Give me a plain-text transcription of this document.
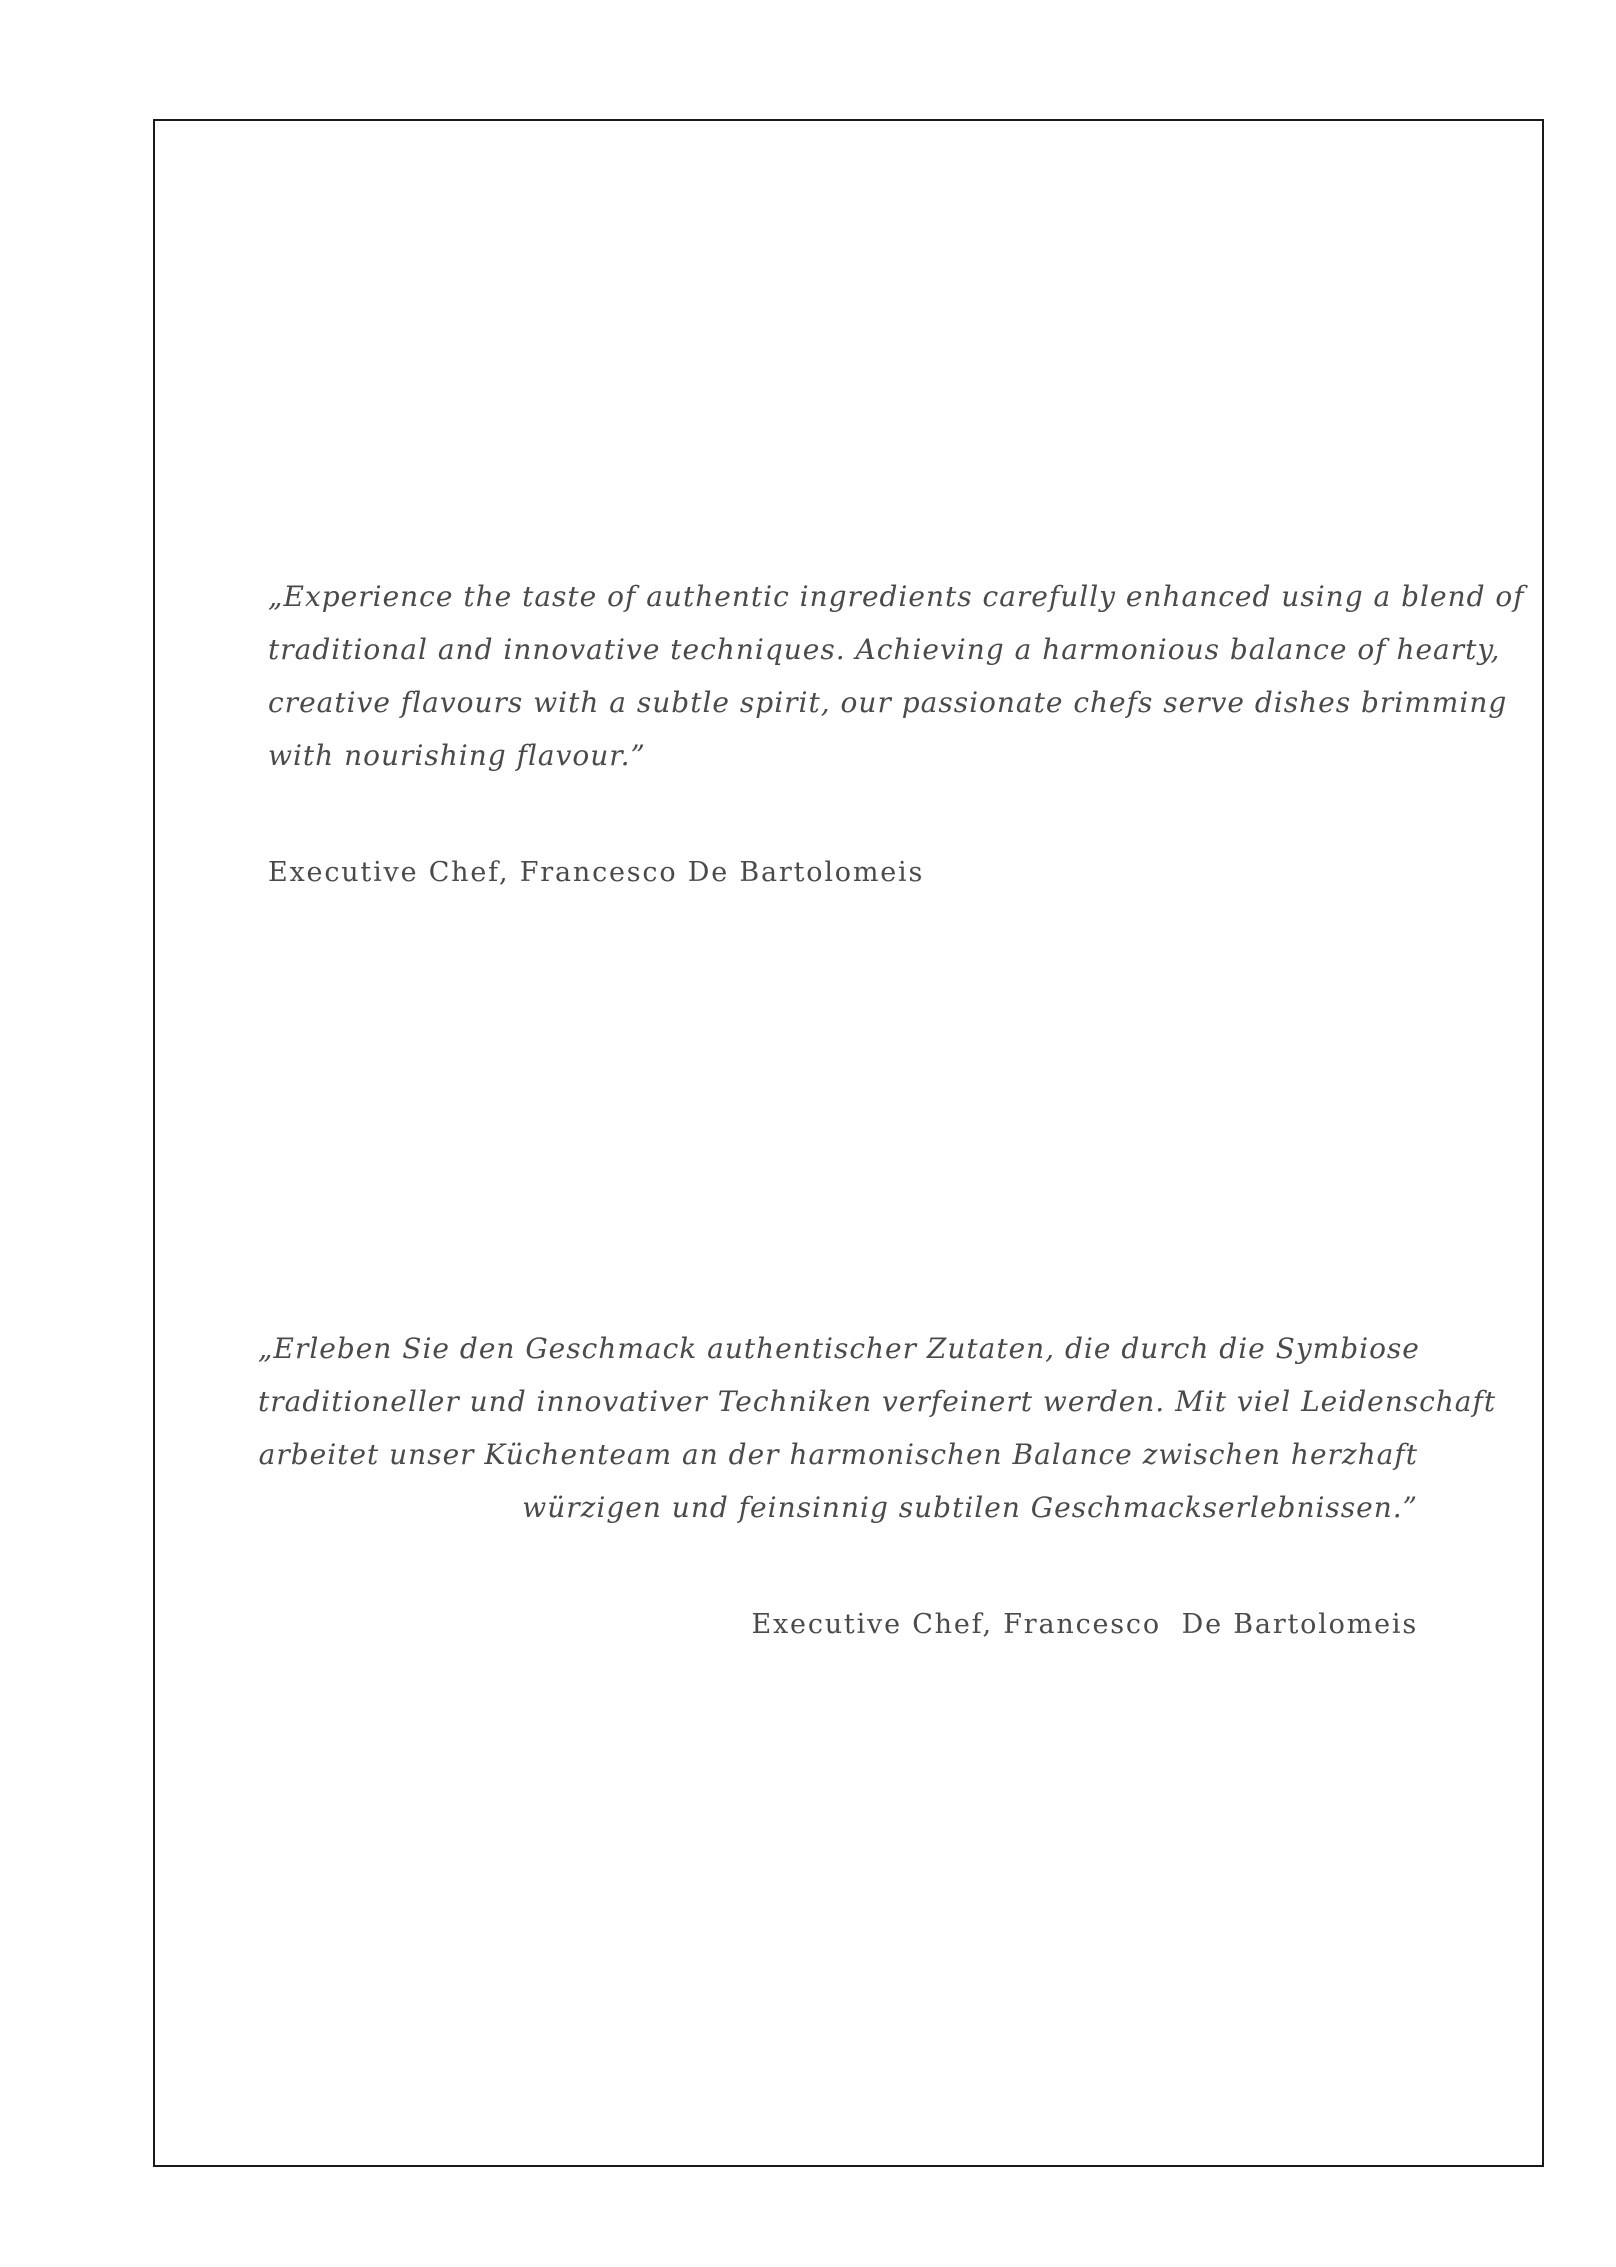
„Experience the taste of authentic ingredients carefully enhanced using a blend of
traditional and innovative techniques. Achieving a harmonious balance of hearty,
creative flavours with a subtle spirit, our passionate chefs serve dishes brimming
with nourishing flavour.”

Executive Chef, Francesco De Bartolomeis

„Erleben Sie den Geschmack authentischer Zutaten, die durch die Symbiose
traditioneller und innovativer Techniken verfeinert werden. Mit viel Leidenschaft
arbeitet unser Küchenteam an der harmonischen Balance zwischen herzhaft
würzigen und feinsinnig subtilen Geschmackserlebnissen.”

Executive Chef, Francesco  De Bartolomeis
